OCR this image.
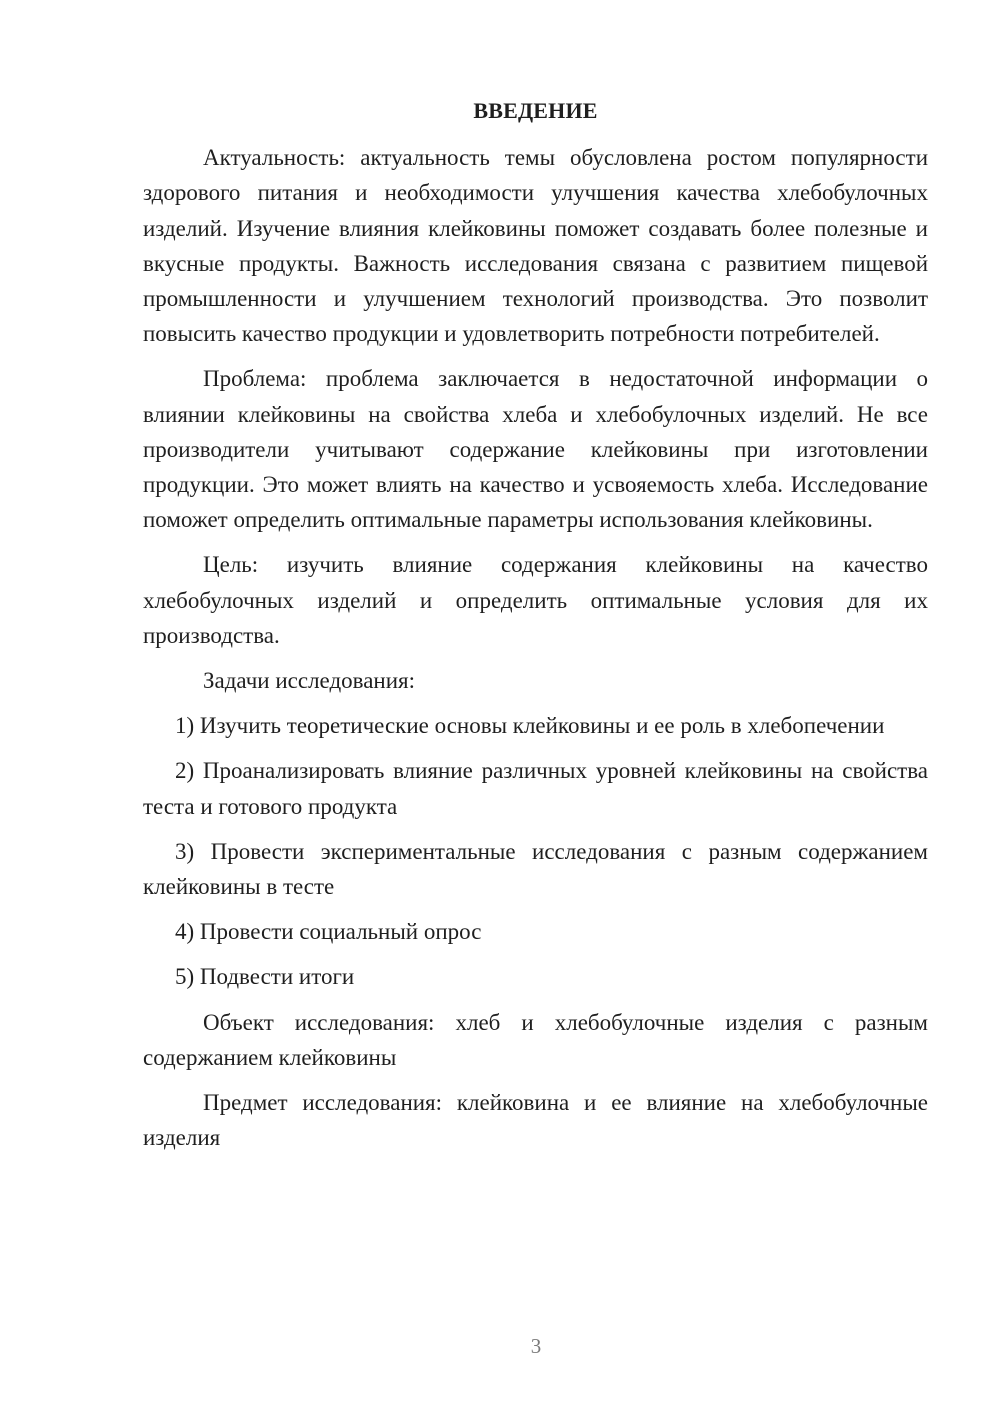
ВВЕДЕНИЕ

Актуальность: актуальность темы обусловлена ростом популярности здорового питания и необходимости улучшения качества хлебобулочных изделий. Изучение влияния клейковины поможет создавать более полезные и вкусные продукты. Важность исследования связана с развитием пищевой промышленности и улучшением технологий производства. Это позволит повысить качество продукции и удовлетворить потребности потребителей.

Проблема: проблема заключается в недостаточной информации о влиянии клейковины на свойства хлеба и хлебобулочных изделий. Не все производители учитывают содержание клейковины при изготовлении продукции. Это может влиять на качество и усвояемость хлеба. Исследование поможет определить оптимальные параметры использования клейковины.

Цель: изучить влияние содержания клейковины на качество хлебобулочных изделий и определить оптимальные условия для их производства.

Задачи исследования:

1) Изучить теоретические основы клейковины и ее роль в хлебопечении

2) Проанализировать влияние различных уровней клейковины на свойства теста и готового продукта

3) Провести экспериментальные исследования с разным содержанием клейковины в тесте

4) Провести социальный опрос

5) Подвести итоги

Объект исследования: хлеб и хлебобулочные изделия с разным содержанием клейковины

Предмет исследования: клейковина и ее влияние на хлебобулочные изделия

3
